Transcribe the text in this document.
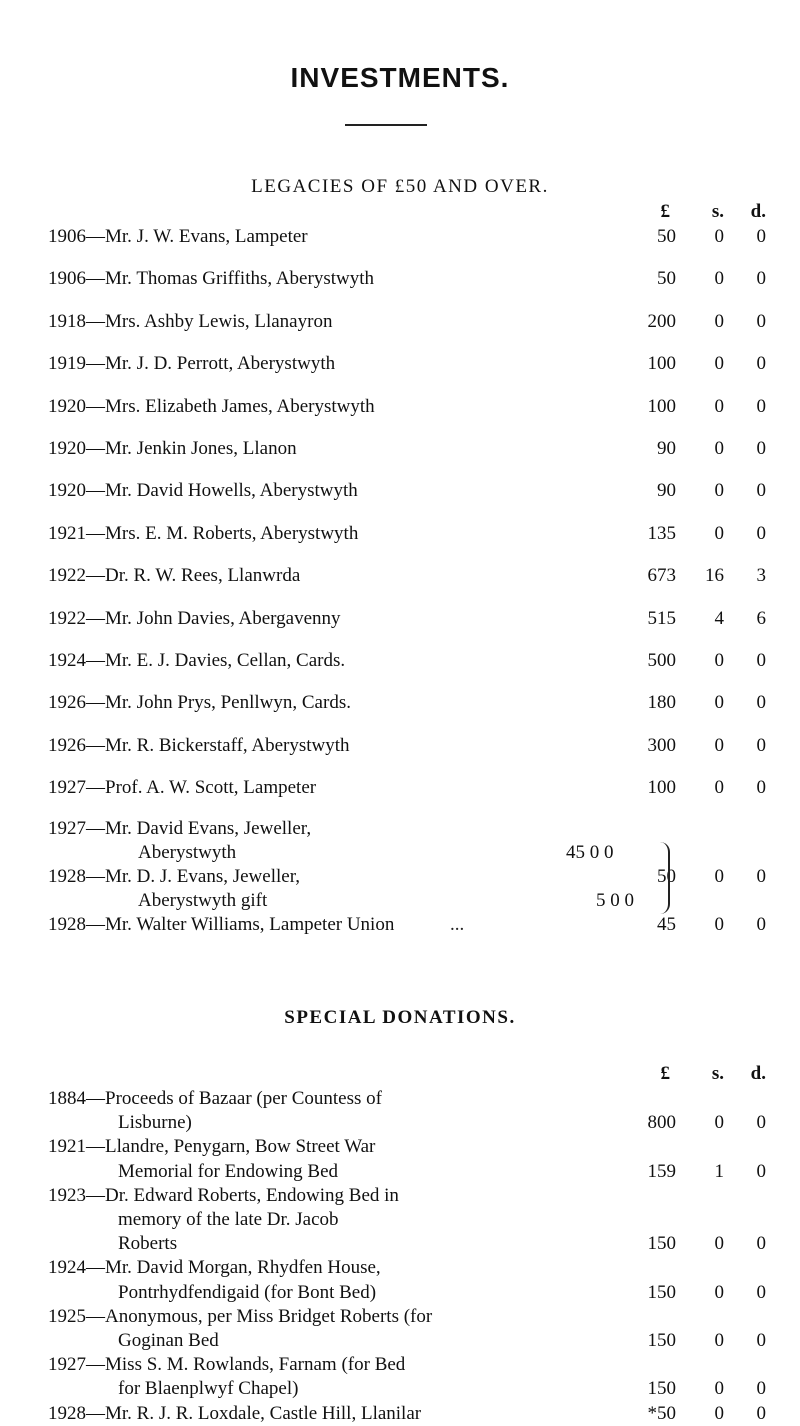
INVESTMENTS.
LEGACIES OF £50 AND OVER.
£	s.	d.
1906—Mr. J. W. Evans, Lampeter	50	0	0
1906—Mr. Thomas Griffiths, Aberystwyth	50	0	0
1918—Mrs. Ashby Lewis, Llanayron	200	0	0
1919—Mr. J. D. Perrott, Aberystwyth	100	0	0
1920—Mrs. Elizabeth James, Aberystwyth	100	0	0
1920—Mr. Jenkin Jones, Llanon	90	0	0
1920—Mr. David Howells, Aberystwyth	90	0	0
1921—Mrs. E. M. Roberts, Aberystwyth	135	0	0
1922—Dr. R. W. Rees, Llanwrda	673	16	3
1922—Mr. John Davies, Abergavenny	515	4	6
1924—Mr. E. J. Davies, Cellan, Cards.	500	0	0
1926—Mr. John Prys, Penllwyn, Cards.	180	0	0
1926—Mr. R. Bickerstaff, Aberystwyth	300	0	0
1927—Prof. A. W. Scott, Lampeter	100	0	0
1927—Mr. David Evans, Jeweller,
Aberystwyth	45 0 0
1928—Mr. D. J. Evans, Jeweller,	50	0	0
Aberystwyth gift	5 0 0
1928—Mr. Walter Williams, Lampeter Union	...	45	0	0
SPECIAL DONATIONS.
£	s.	d.
1884—Proceeds of Bazaar (per Countess of
Lisburne)	800	0	0
1921—Llandre, Penygarn, Bow Street War
Memorial for Endowing Bed	159	1	0
1923—Dr. Edward Roberts, Endowing Bed in
memory of the late Dr. Jacob
Roberts	150	0	0
1924—Mr. David Morgan, Rhydfen House,
Pontrhydfendigaid (for Bont Bed)	150	0	0
1925—Anonymous, per Miss Bridget Roberts (for
Goginan Bed	150	0	0
1927—Miss S. M. Rowlands, Farnam (for Bed
for Blaenplwyf Chapel)	150	0	0
1928—Mr. R. J. R. Loxdale, Castle Hill, Llanilar	*50	0	0
